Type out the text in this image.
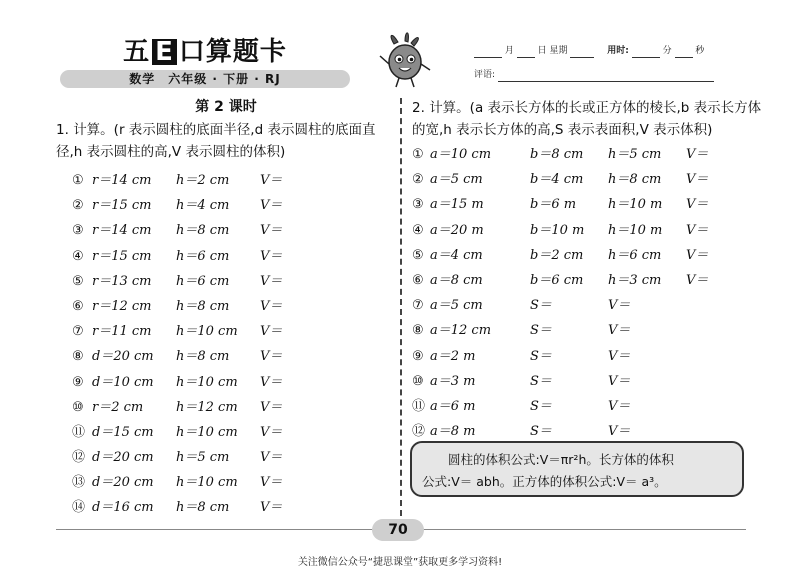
五 E 口算题卡
数学　六年级 · 下册 · RJ
月	日 星期	用时:	分	秒
评语:
第 2 课时
1. 计算。(r 表示圆柱的底面半径,d 表示圆柱的底面直径,h 表示圆柱的高,V 表示圆柱的体积)
① r＝14 cm h＝2 cm V＝
② r＝15 cm h＝4 cm V＝
③ r＝14 cm h＝8 cm V＝
④ r＝15 cm h＝6 cm V＝
⑤ r＝13 cm h＝6 cm V＝
⑥ r＝12 cm h＝8 cm V＝
⑦ r＝11 cm h＝10 cm V＝
⑧ d＝20 cm h＝8 cm V＝
⑨ d＝10 cm h＝10 cm V＝
⑩ r＝2 cm	h＝12 cm V＝
⑪ d＝15 cm h＝10 cm V＝
⑫ d＝20 cm h＝5 cm V＝
⑬ d＝20 cm h＝10 cm V＝
⑭ d＝16 cm h＝8 cm V＝
2. 计算。(a 表示长方体的长或正方体的棱长,b 表示长方体的宽,h 表示长方体的高,S 表示表面积,V 表示体积)
① a＝10 cm	b＝8 cm h＝5 cm V＝
② a＝5 cm	b＝4 cm h＝8 cm V＝
③ a＝15 m	b＝6 m h＝10 m V＝
④ a＝20 m	b＝10 m h＝10 m V＝
⑤ a＝4 cm	b＝2 cm h＝6 cm V＝
⑥ a＝8 cm	b＝6 cm h＝3 cm V＝
⑦ a＝5 cm	S＝	V＝
⑧ a＝12 cm	S＝	V＝
⑨ a＝2 m	S＝	V＝
⑩ a＝3 m	S＝	V＝
⑪ a＝6 m	S＝	V＝
⑫ a＝8 m	S＝	V＝
圆柱的体积公式:V＝πr²h。长方体的体积
公式:V＝ abh。正方体的体积公式:V＝ a³。
70
关注微信公众号“捷思课堂”获取更多学习资料!
